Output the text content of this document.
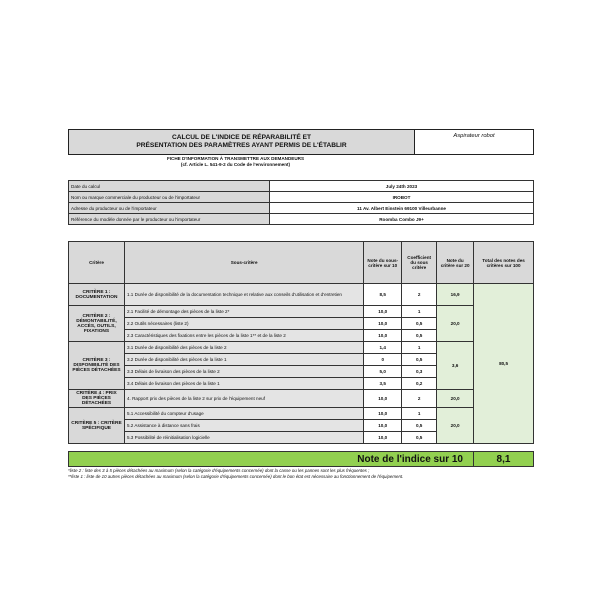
CALCUL DE L'INDICE DE RÉPARABILITÉ ET
PRÉSENTATION DES PARAMÈTRES AYANT PERMIS DE L'ÉTABLIR
Aspirateur robot
FICHE D'INFORMATION À TRANSMETTRE AUX DEMANDEURS
(cf. Article L. 541-9-2 du Code de l'environnement)
Date du calcul	July 24th 2023
Nom ou marque commerciale du producteur ou de l'importateur	IROBOT
Adresse du producteur ou de l'importateur	11 Av. Albert Einstein 69100 Villeurbanne
Référence du modèle donnée par le producteur ou l'importateur	Roomba Combo J9+
Critère	Sous-critère	Note du sous-critère sur 10	Coefficient du sous critère	Note du critère sur 20	Total des notes des critères sur 100
CRITÈRE 1 : DOCUMENTATION	1.1 Durée de disponibilité de la documentation technique et relative aux conseils d'utilisation et d'entretien	8,5	2	16,9	80,5
CRITÈRE 2 : DÉMONTABILITÉ, ACCÈS, OUTILS, FIXATIONS	2.1 Facilité de démontage des pièces de la liste 2*	10,0	1	20,0	
	2.2 Outils nécessaires (liste 2)	10,0	0,5		
	2.3 Caractéristiques des fixations entre les pièces de la liste 1** et de la liste 2	10,0	0,5		
CRITÈRE 3 : DISPONIBILITÉ DES PIÈCES DÉTACHÉES	3.1 Durée de disponibilité des pièces de la liste 2	1,4	1	3,6	
	3.2 Durée de disponibilité des pièces de la liste 1	0	0,5		
	3.3 Délais de livraison des pièces de la liste 2	5,0	0,3		
	3.4 Délais de livraison des pièces de la liste 1	3,5	0,2		
CRITÈRE 4 : PRIX DES PIÈCES DÉTACHÉES	4. Rapport prix des pièces de la liste 2 sur prix de l'équipement neuf	10,0	2	20,0	
CRITÈRE 5 : CRITÈRE SPÉCIFIQUE	5.1 Accessibilité du compteur d'usage	10,0	1	20,0	
	5.2 Assistance à distance sans frais	10,0	0,5		
	5.3 Possibilité de réinitialisation logicielle	10,0	0,5		
Note de l'indice sur 10	8,1
*liste 2 : liste des 3 à 5 pièces détachées au maximum (selon la catégorie d'équipements concernée) dont la casse ou les pannes sont les plus fréquentes ;
**liste 1 : liste de 10 autres pièces détachées au maximum (selon la catégorie d'équipements concernée) dont le bon état est nécessaire au fonctionnement de l'équipement.
